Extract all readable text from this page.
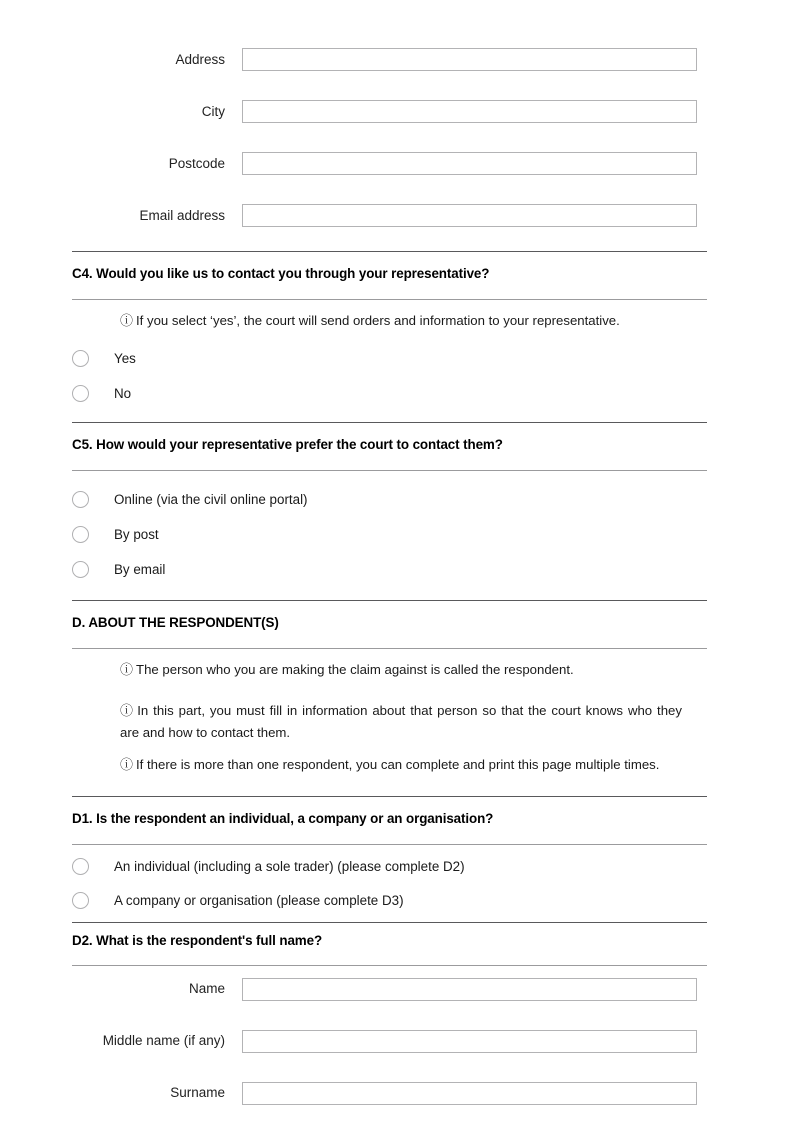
Address
City
Postcode
Email address
C4. Would you like us to contact you through your representative?
ⓘ If you select ‘yes’, the court will send orders and information to your representative.
Yes
No
C5. How would your representative prefer the court to contact them?
Online (via the civil online portal)
By post
By email
D. ABOUT THE RESPONDENT(S)
ⓘ The person who you are making the claim against is called the respondent.
ⓘ In this part, you must fill in information about that person so that the court knows who they are and how to contact them.
ⓘ If there is more than one respondent, you can complete and print this page multiple times.
D1. Is the respondent an individual, a company or an organisation?
An individual (including a sole trader) (please complete D2)
A company or organisation (please complete D3)
D2. What is the respondent's full name?
Name
Middle name (if any)
Surname
